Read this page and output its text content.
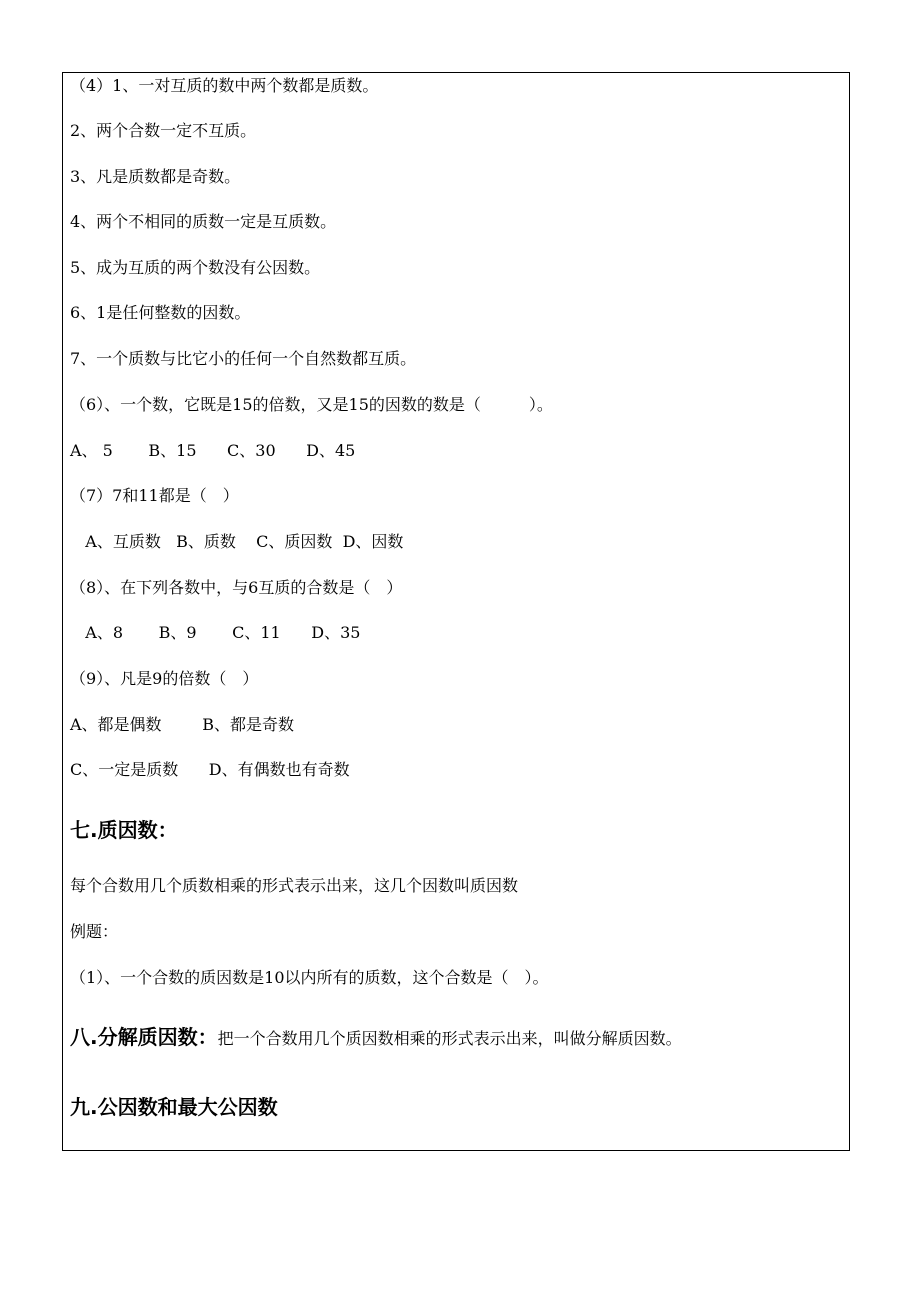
（4）1、一对互质的数中两个数都是质数。
2、两个合数一定不互质。
3、凡是质数都是奇数。
4、两个不相同的质数一定是互质数。
5、成为互质的两个数没有公因数。
6、1是任何整数的因数。
7、一个质数与比它小的任何一个自然数都互质。
（6）、一个数，它既是15的倍数，又是15的因数的数是（　　　）。
A、 5       B、15      C、30      D、45
（7）7和11都是（　）
A、互质数   B、质数    C、质因数  D、因数
（8）、在下列各数中，与6互质的合数是（　）
A、8       B、9       C、11      D、35
（9）、凡是9的倍数（　）
A、都是偶数        B、都是奇数
C、一定是质数      D、有偶数也有奇数
七.质因数：
每个合数用几个质数相乘的形式表示出来，这几个因数叫质因数
例题：
（1）、一个合数的质因数是10以内所有的质数，这个合数是（　）。
八.分解质因数：把一个合数用几个质因数相乘的形式表示出来，叫做分解质因数。
九.公因数和最大公因数
